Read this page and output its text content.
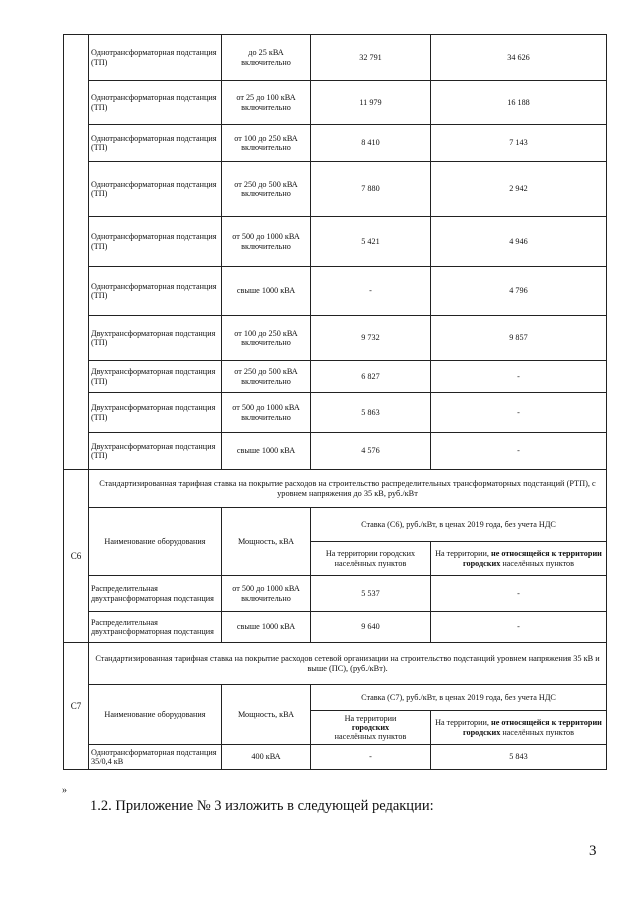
	Однотрансформаторная подстанция (ТП)	до 25 кВА включительно	32 791	34 626
	Однотрансформаторная подстанция (ТП)	от 25 до 100 кВА включительно	11 979	16 188
	Однотрансформаторная подстанция (ТП)	от 100 до 250 кВА включительно	8 410	7 143
	Однотрансформаторная подстанция (ТП)	от 250 до 500 кВА включительно	7 880	2 942
	Однотрансформаторная подстанция (ТП)	от 500 до 1000 кВА включительно	5 421	4 946
	Однотрансформаторная подстанция (ТП)	свыше 1000 кВА	-	4 796
	Двухтрансформаторная подстанция (ТП)	от 100 до 250 кВА включительно	9 732	9 857
	Двухтрансформаторная подстанция (ТП)	от 250 до 500 кВА включительно	6 827	-
	Двухтрансформаторная подстанция (ТП)	от 500 до 1000 кВА включительно	5 863	-
	Двухтрансформаторная подстанция (ТП)	свыше 1000 кВА	4 576	-
С6	Стандартизированная тарифная ставка на покрытие расходов на строительство распределительных трансформаторных подстанций (РТП), с уровнем напряжения до 35 кВ, руб./кВт			
	Наименование оборудования	Мощность, кВА	Ставка (С6), руб./кВт, в ценах 2019 года, без учета НДС	
			На территории городских населённых пунктов	На территории, не относящейся к территории
городских населённых пунктов
	Распределительная двухтрансформаторная подстанция	от 500 до 1000 кВА включительно	5 537	-
	Распределительная двухтрансформаторная подстанция	свыше 1000 кВА	9 640	-
С7	Стандартизированная тарифная ставка на покрытие расходов сетевой организации на строительство подстанций уровнем напряжения 35 кВ и выше (ПС), (руб./кВт).			
	Наименование оборудования	Мощность, кВА	Ставка (С7), руб./кВт, в ценах 2019 года, без учета НДС	
			На территории
городских
населённых пунктов	На территории, не относящейся к территории
городских населённых пунктов
	Однотрансформаторная подстанция 35/0,4 кВ	400 кВА	-	5 843
»
1.2. Приложение № 3 изложить в следующей редакции:
3
